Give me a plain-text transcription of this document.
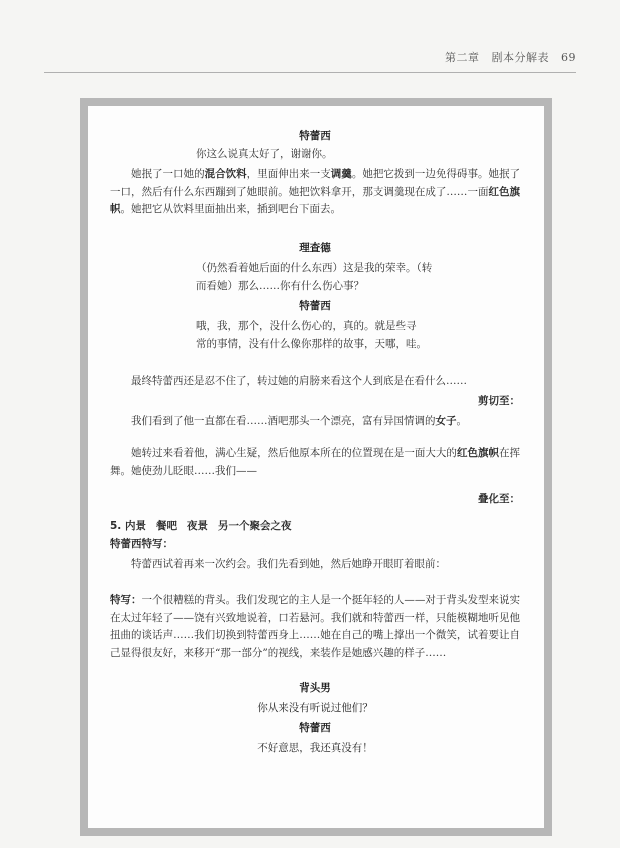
第二章 剧本分解表 69
特蕾西
你这么说真太好了，谢谢你。
她抿了一口她的混合饮料，里面伸出来一支调羹。她把它拨到一边免得碍事。她抿了一口，然后有什么东西蹦到了她眼前。她把饮料拿开，那支调羹现在成了……一面红色旗帜。她把它从饮料里面抽出来，插到吧台下面去。
理查德
（仍然看着她后面的什么东西）这是我的荣幸。（转
而看她）那么……你有什么伤心事？
特蕾西
哦，我，那个，没什么伤心的，真的。就是些寻
常的事情，没有什么像你那样的故事，天哪，哇。
最终特蕾西还是忍不住了，转过她的肩膀来看这个人到底是在看什么……
剪切至：
我们看到了他一直都在看……酒吧那头一个漂亮，富有异国情调的女子。
她转过来看着他，满心生疑，然后他原本所在的位置现在是一面大大的红色旗帜在挥舞。她使劲儿眨眼……我们——
叠化至：
5. 内景 餐吧 夜景 另一个聚会之夜
特蕾西特写：
特蕾西试着再来一次约会。我们先看到她，然后她睁开眼盯着眼前：
特写：一个很糟糕的背头。我们发现它的主人是一个挺年轻的人——对于背头发型来说实在太过年轻了——饶有兴致地说着，口若悬河。我们就和特蕾西一样，只能模糊地听见他扭曲的谈话声……我们切换到特蕾西身上……她在自己的嘴上撑出一个微笑，试着要让自己显得很友好，来移开“那一部分”的视线，来装作是她感兴趣的样子……
背头男
你从来没有听说过他们？
特蕾西
不好意思，我还真没有！
